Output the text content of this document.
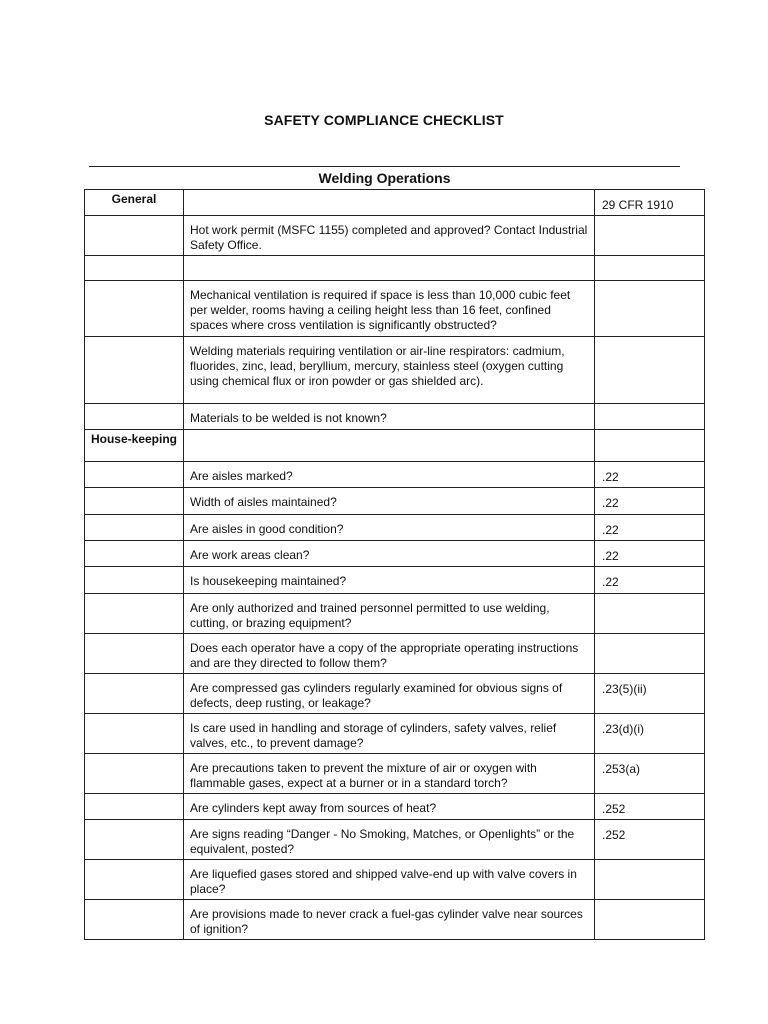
SAFETY COMPLIANCE CHECKLIST
Welding Operations
General		29 CFR 1910
	Hot work permit (MSFC 1155) completed and approved? Contact Industrial Safety Office.	

	Mechanical ventilation is required if space is less than 10,000 cubic feet per welder, rooms having a ceiling height less than 16 feet, confined spaces where cross ventilation is significantly obstructed?	
	Welding materials requiring ventilation or air-line respirators: cadmium, fluorides, zinc, lead, beryllium, mercury, stainless steel (oxygen cutting using chemical flux or iron powder or gas shielded arc).	
	Materials to be welded is not known?	
House-keeping		
	Are aisles marked?	.22
	Width of aisles maintained?	.22
	Are aisles in good condition?	.22
	Are work areas clean?	.22
	Is housekeeping maintained?	.22
	Are only authorized and trained personnel permitted to use welding, cutting, or brazing equipment?	
	Does each operator have a copy of the appropriate operating instructions and are they directed to follow them?	
	Are compressed gas cylinders regularly examined for obvious signs of defects, deep rusting, or leakage?	.23(5)(ii)
	Is care used in handling and storage of cylinders, safety valves, relief valves, etc., to prevent damage?	.23(d)(i)
	Are precautions taken to prevent the mixture of air or oxygen with flammable gases, expect at a burner or in a standard torch?	.253(a)
	Are cylinders kept away from sources of heat?	.252
	Are signs reading “Danger - No Smoking, Matches, or Openlights” or the equivalent, posted?	.252
	Are liquefied gases stored and shipped valve-end up with valve covers in place?	
	Are provisions made to never crack a fuel-gas cylinder valve near sources of ignition?	
